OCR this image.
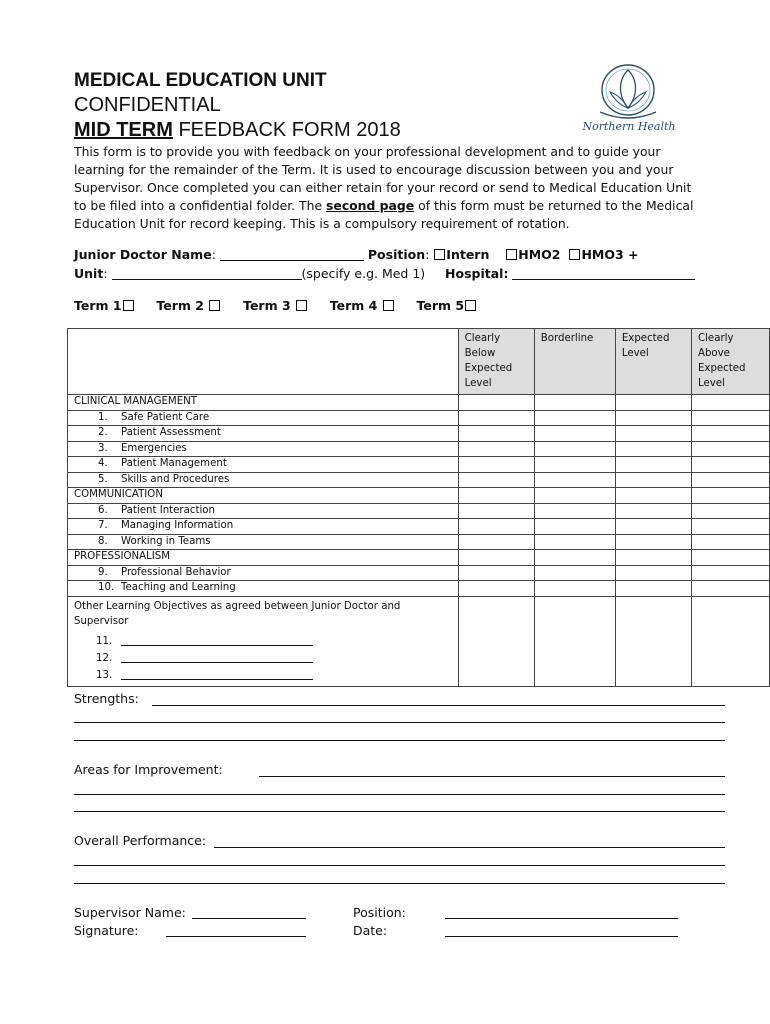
MEDICAL EDUCATION UNIT
CONFIDENTIAL
MID TERM FEEDBACK FORM 2018	Northern Health
This form is to provide you with feedback on your professional development and to guide your learning for the remainder of the Term. It is used to encourage discussion between you and your Supervisor. Once completed you can either retain for your record or send to Medical Education Unit to be filed into a confidential folder. The second page of this form must be returned to the Medical Education Unit for record keeping. This is a compulsory requirement of rotation.
Junior Doctor Name:	Position: Intern HMO2 HMO3 +
Unit:	(specify e.g. Med 1) Hospital:
Term 1	Term 2	Term 3	Term 4	Term 5
	Clearly Below Expected Level	Borderline	Expected Level	Clearly Above Expected Level
CLINICAL MANAGEMENT				
1. Safe Patient Care				
2. Patient Assessment				
3. Emergencies				
4. Patient Management				
5. Skills and Procedures				
COMMUNICATION				
6. Patient Interaction				
7. Managing Information				
8. Working in Teams				
PROFESSIONALISM				
9. Professional Behavior				
10. Teaching and Learning				

Other Learning Objectives as agreed between Junior Doctor and Supervisor
11.
12.
13.				

Strengths:
Areas for Improvement:
Overall Performance:
Supervisor Name:
Signature:
Position:
Date:
